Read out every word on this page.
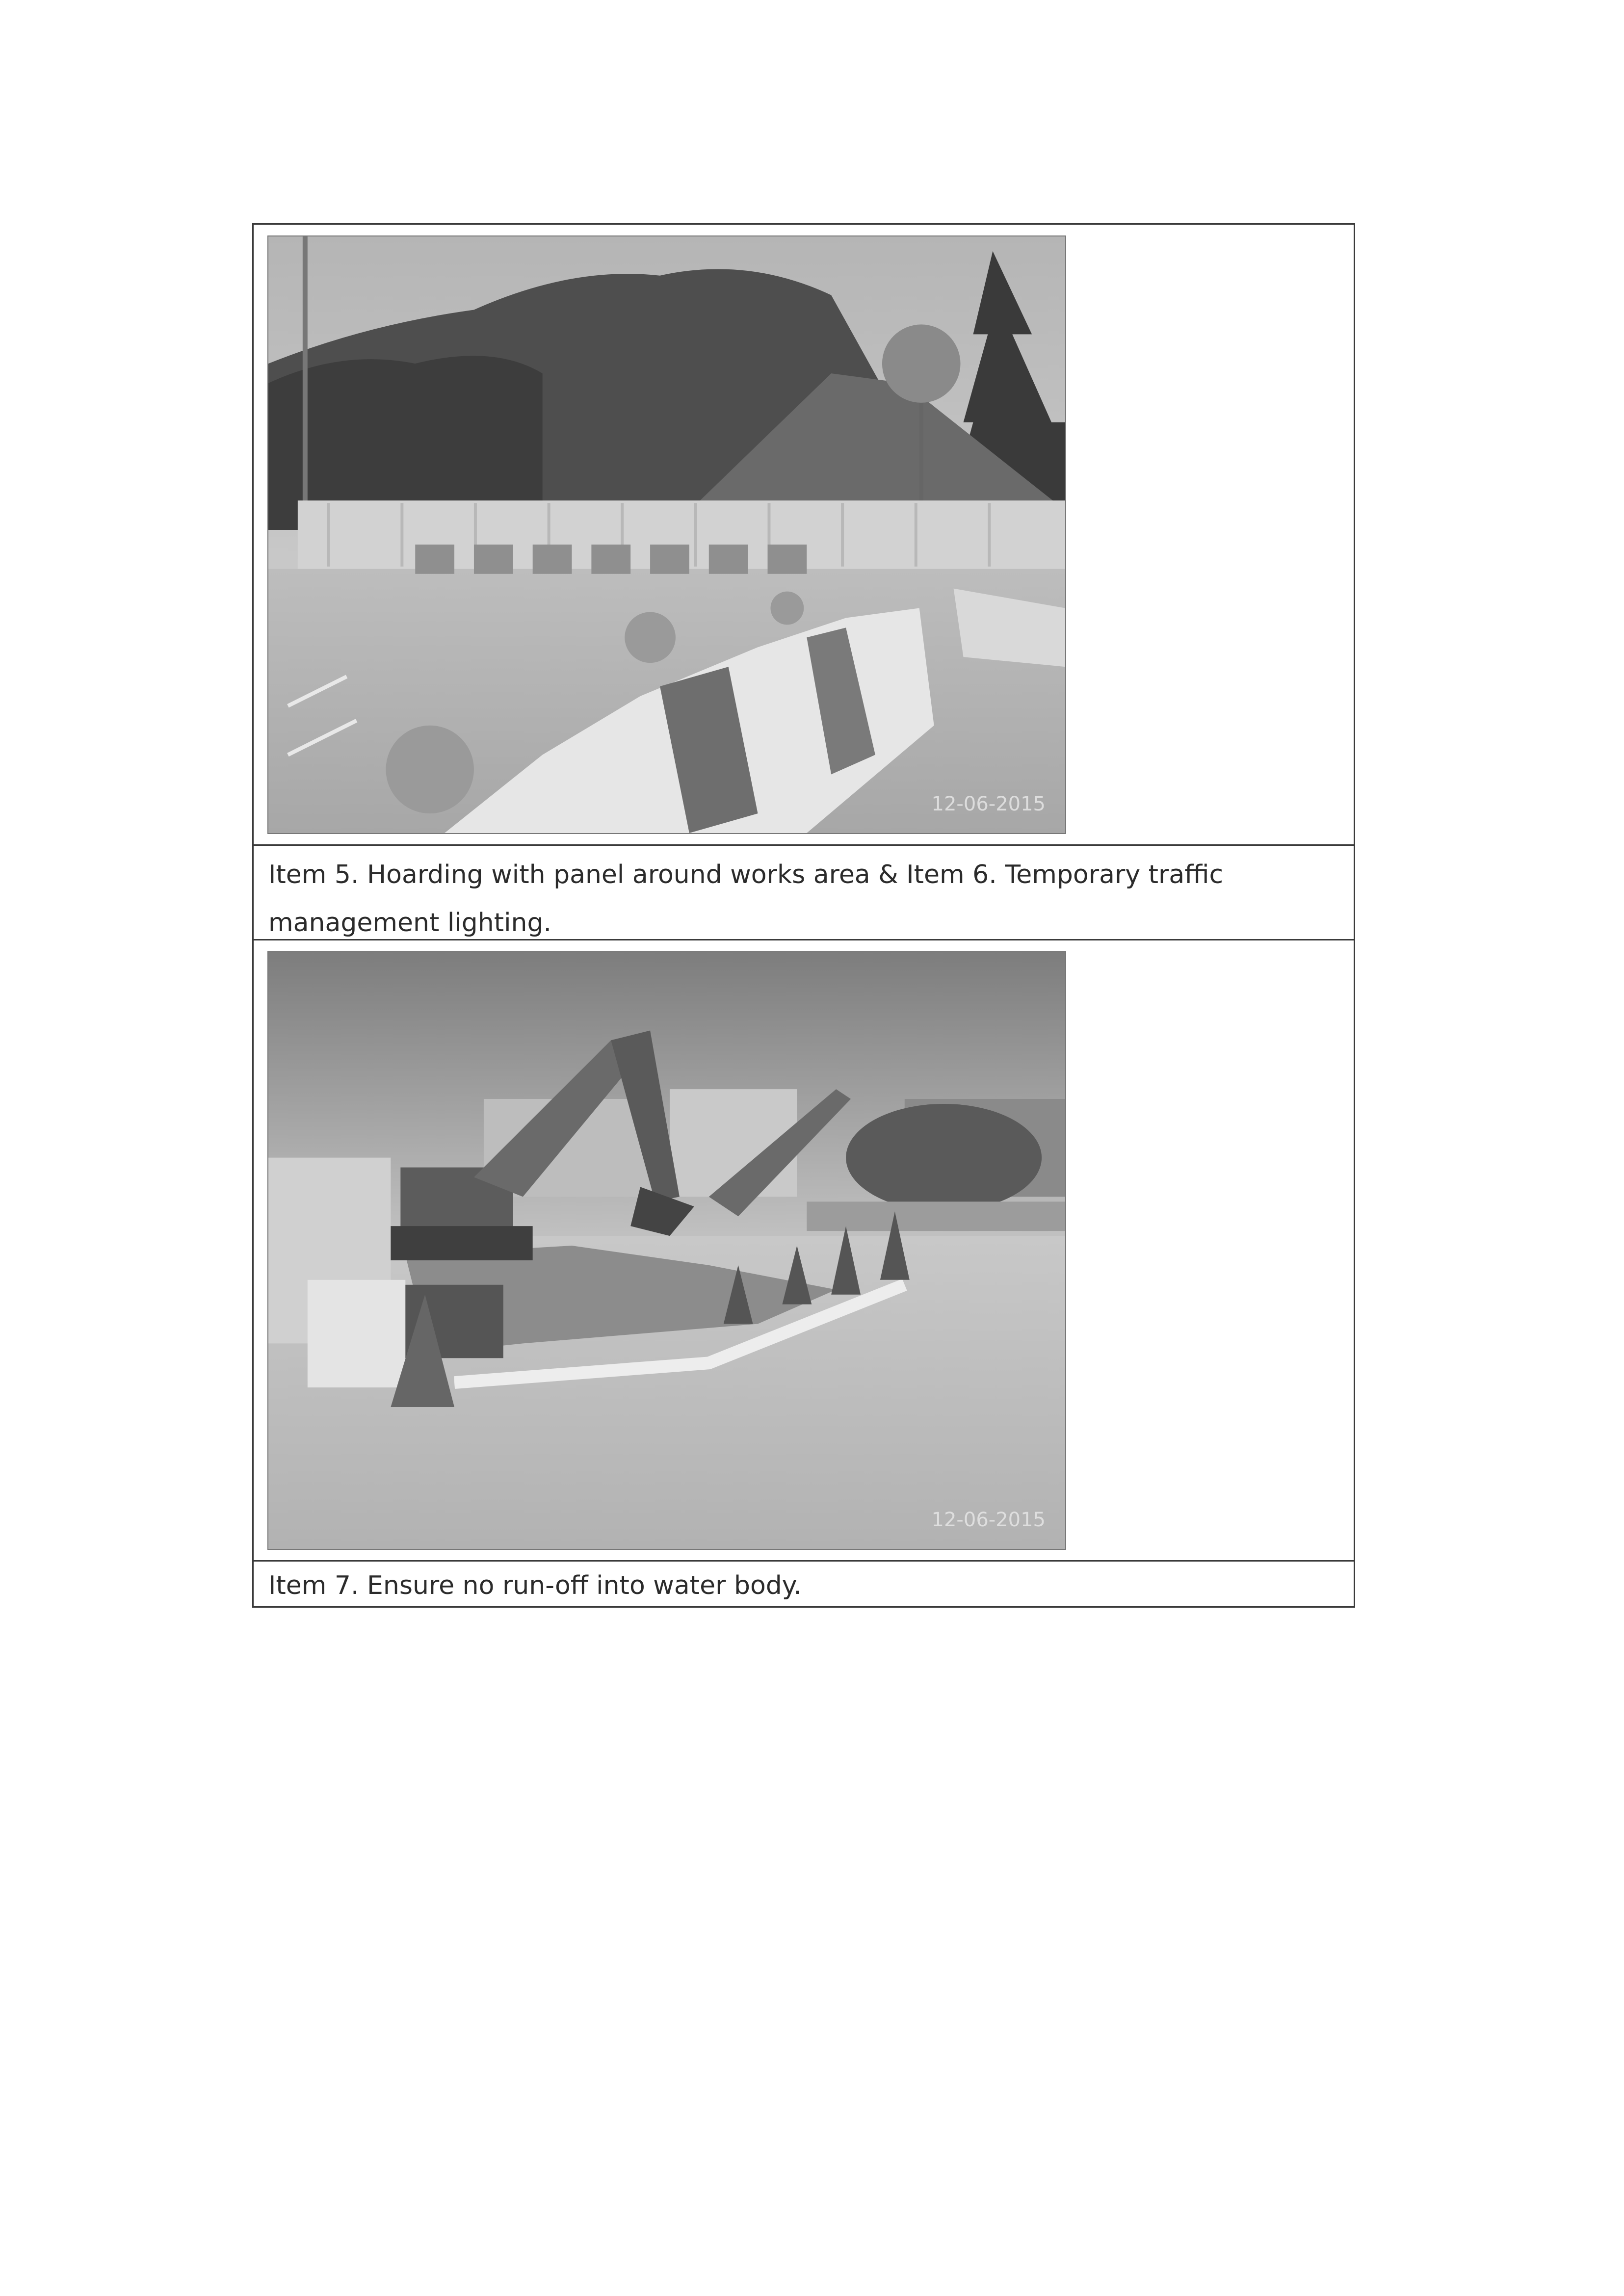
12-06-2015
Item 5. Hoarding with panel around works area & Item 6. Temporary traffic management lighting.
12-06-2015
Item 7. Ensure no run-off into water body.
